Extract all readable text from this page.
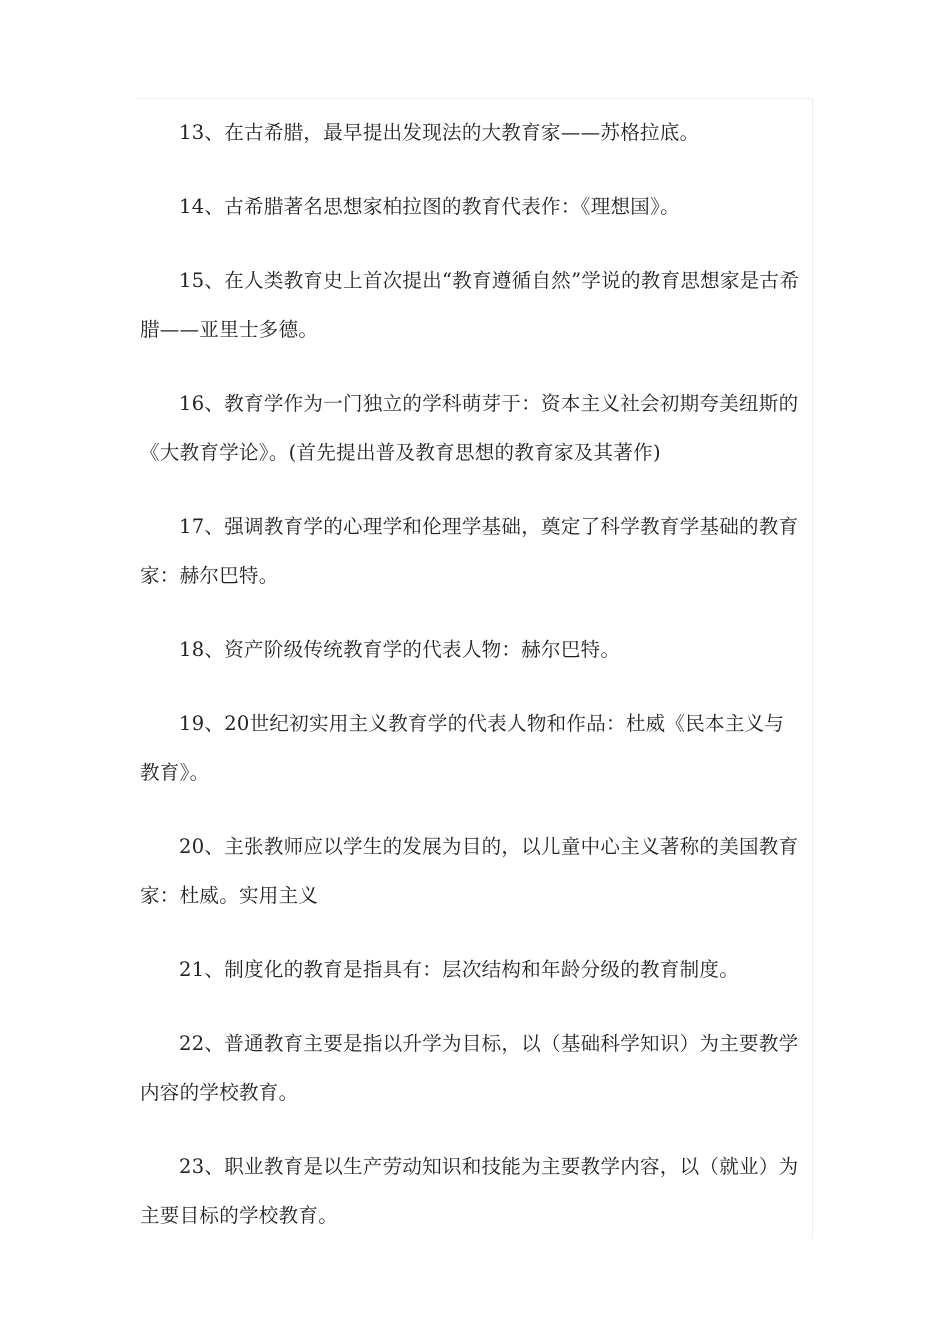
13、在古希腊，最早提出发现法的大教育家——苏格拉底。

14、古希腊著名思想家柏拉图的教育代表作：《理想国》。

15、在人类教育史上首次提出“教育遵循自然”学说的教育思想家是古希腊——亚里士多德。

16、教育学作为一门独立的学科萌芽于：资本主义社会初期夸美纽斯的《大教育学论》。(首先提出普及教育思想的教育家及其著作)

17、强调教育学的心理学和伦理学基础，奠定了科学教育学基础的教育家：赫尔巴特。

18、资产阶级传统教育学的代表人物：赫尔巴特。

19、20世纪初实用主义教育学的代表人物和作品：杜威《民本主义与教育》。

20、主张教师应以学生的发展为目的，以儿童中心主义著称的美国教育家：杜威。实用主义

21、制度化的教育是指具有：层次结构和年龄分级的教育制度。

22、普通教育主要是指以升学为目标，以（基础科学知识）为主要教学内容的学校教育。

23、职业教育是以生产劳动知识和技能为主要教学内容，以（就业）为主要目标的学校教育。
